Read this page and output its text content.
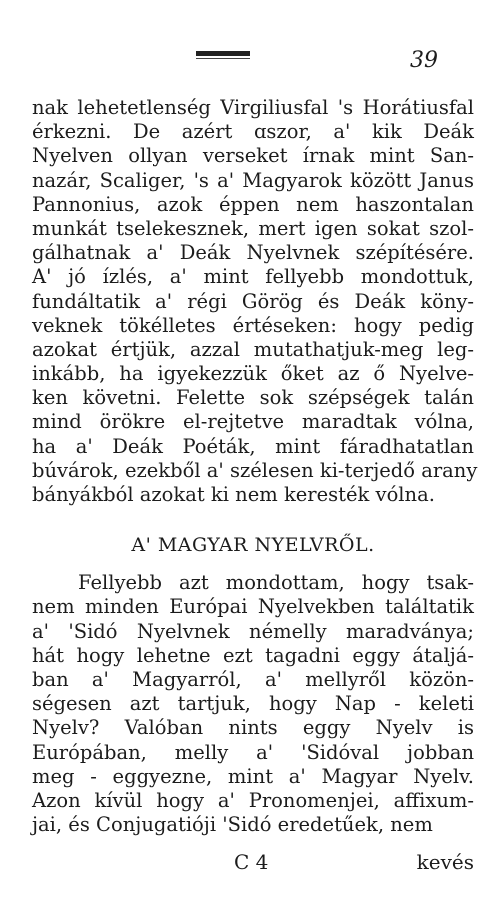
39
nak lehetetlenség Virgiliusfal 's Horátiusfal
érkezni. De azért ɑszor, a' kik Deák
Nyelven ollyan verseket írnak mint San-
nazár, Scaliger, 's a' Magyarok között Janus
Pannonius, azok éppen nem haszontalan
munkát tselekesznek, mert igen sokat szol-
gálhatnak a' Deák Nyelvnek szépítésére.
A' jó ízlés, a' mint fellyebb mondottuk,
fundáltatik a' régi Görög és Deák köny-
veknek tökélletes értéseken: hogy pedig
azokat értjük, azzal mutathatjuk-meg leg-
inkább, ha igyekezzük őket az ő Nyelve-
ken követni. Felette sok szépségek talán
mind örökre el-rejtetve maradtak vólna,
ha a' Deák Poéták, mint fáradhatatlan
búvárok, ezekből a' szélesen ki-terjedő arany
bányákból azokat ki nem keresték vólna.
A' MAGYAR NYELVRŐL.
Fellyebb azt mondottam, hogy tsak-
nem minden Európai Nyelvekben találtatik
a' 'Sidó Nyelvnek némelly maradványa;
hát hogy lehetne ezt tagadni eggy átaljá-
ban a' Magyarról, a' mellyről közön-
ségesen azt tartjuk, hogy Nap - keleti
Nyelv? Valóban nints eggy Nyelv is
Európában, melly a' 'Sidóval jobban
meg - eggyezne, mint a' Magyar Nyelv.
Azon kívül hogy a' Pronomenjei, affixum-
jai, és Conjugatióji 'Sidó eredetűek, nem
C 4	kevés
